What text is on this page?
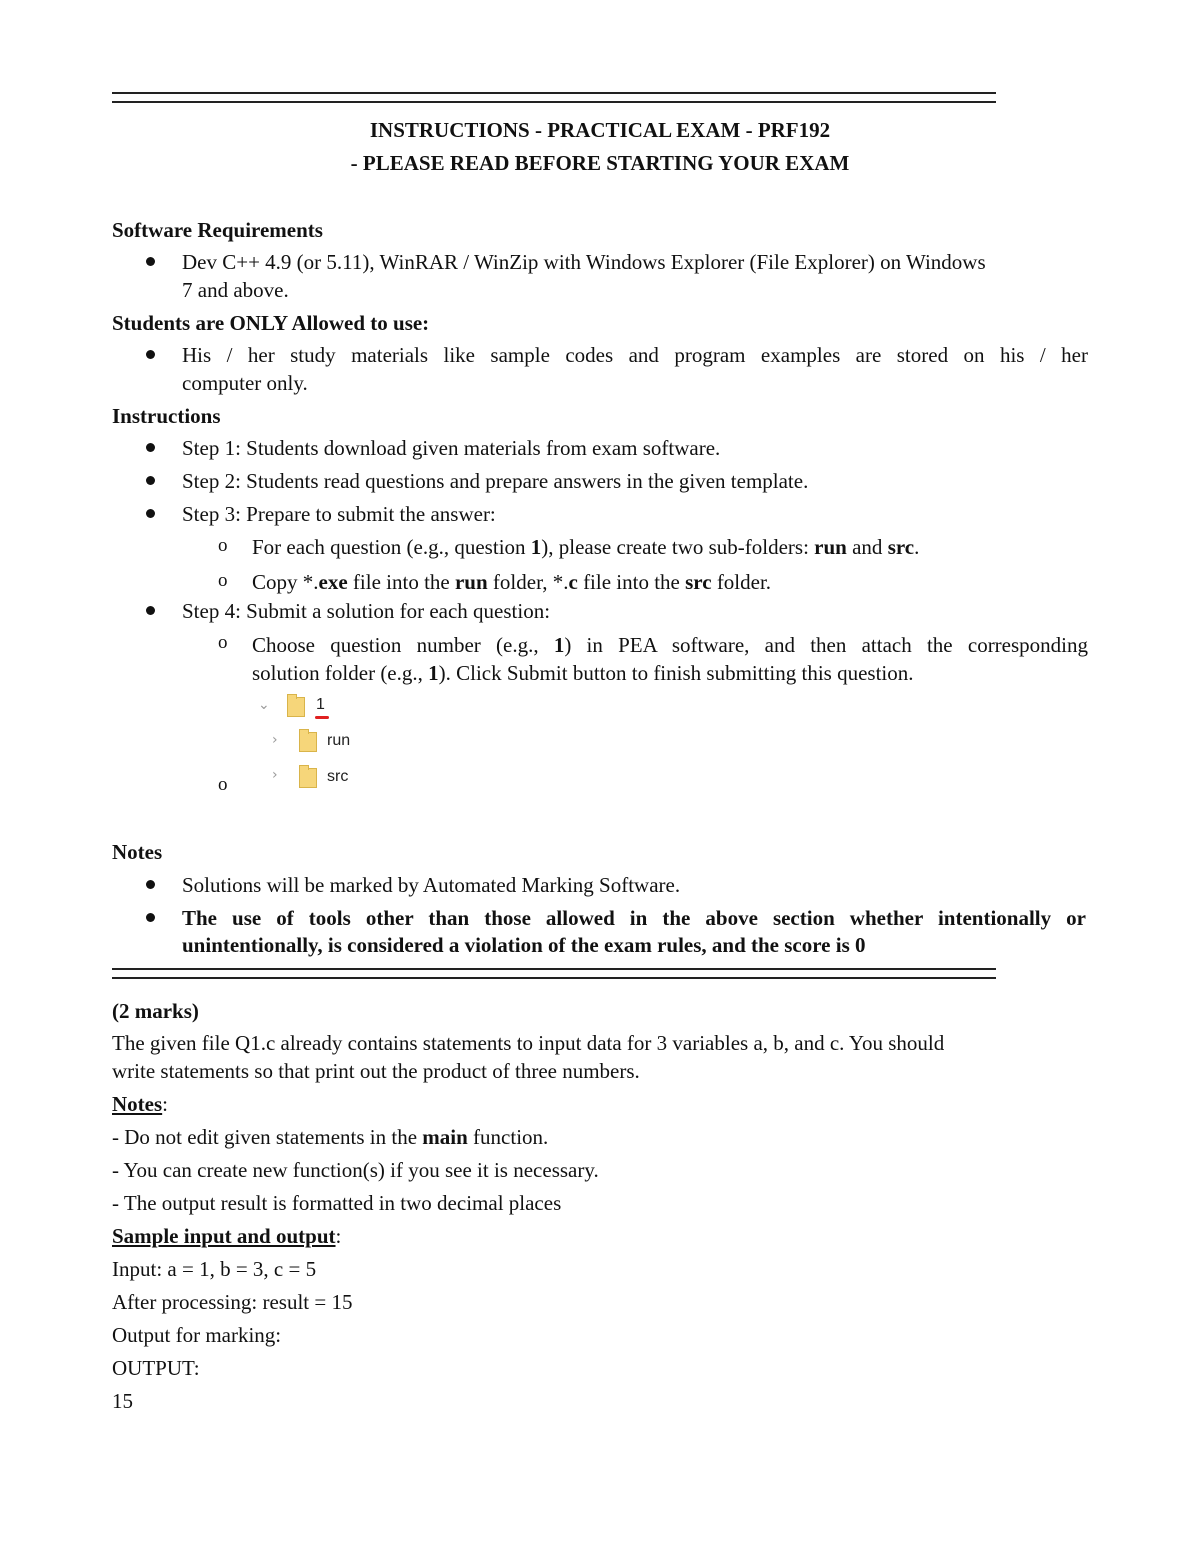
INSTRUCTIONS - PRACTICAL EXAM - PRF192
- PLEASE READ BEFORE STARTING YOUR EXAM
Software Requirements
Dev C++ 4.9 (or 5.11), WinRAR / WinZip with Windows Explorer (File Explorer) on Windows
7 and above.
Students are ONLY Allowed to use:
His / her study materials like sample codes and program examples are stored on his / her
computer only.
Instructions
Step 1: Students download given materials from exam software.
Step 2: Students read questions and prepare answers in the given template.
Step 3: Prepare to submit the answer:
o For each question (e.g., question 1), please create two sub-folders: run and src.
o Copy *.exe file into the run folder, *.c file into the src folder.
Step 4: Submit a solution for each question:
o Choose question number (e.g., 1) in PEA software, and then attach the corresponding
solution folder (e.g., 1). Click Submit button to finish submitting this question.
⌄	1
›	run
›	src
o
Notes
Solutions will be marked by Automated Marking Software.
The use of tools other than those allowed in the above section whether intentionally or
unintentionally, is considered a violation of the exam rules, and the score is 0
(2 marks)
The given file Q1.c already contains statements to input data for 3 variables a, b, and c. You should
write statements so that print out the product of three numbers.
Notes:
- Do not edit given statements in the main function.
- You can create new function(s) if you see it is necessary.
- The output result is formatted in two decimal places
Sample input and output:
Input: a = 1, b = 3, c = 5
After processing: result = 15
Output for marking:
OUTPUT:
15
